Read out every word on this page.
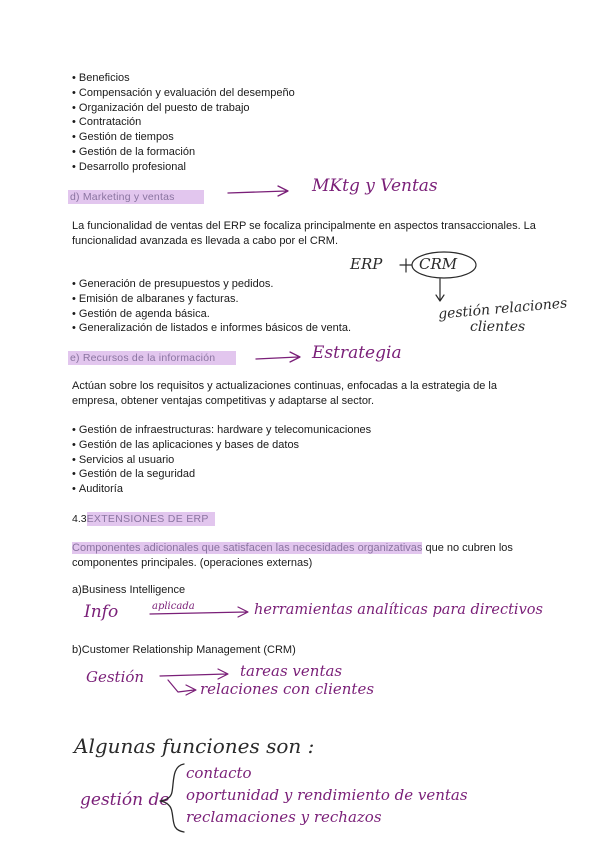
• Beneficios
• Compensación y evaluación del desempeño
• Organización del puesto de trabajo
• Contratación
• Gestión de tiempos
• Gestión de la formación
• Desarrollo profesional
d) Marketing y ventas
MKtg y Ventas
La funcionalidad de ventas del ERP se focaliza principalmente en aspectos transaccionales. La funcionalidad avanzada es llevada a cabo por el CRM.
ERP CRM
gestión relaciones
clientes
• Generación de presupuestos y pedidos.
• Emisión de albaranes y facturas.
• Gestión de agenda básica.
• Generalización de listados e informes básicos de venta.
e) Recursos de la información	Estrategia
Actúan sobre los requisitos y actualizaciones continuas, enfocadas a la estrategia de la empresa, obtener ventajas competitivas y adaptarse al sector.
• Gestión de infraestructuras: hardware y telecomunicaciones
• Gestión de las aplicaciones y bases de datos
• Servicios al usuario
• Gestión de la seguridad
• Auditoría
4.3EXTENSIONES DE ERP
Componentes adicionales que satisfacen las necesidades organizativas que no cubren los componentes principales. (operaciones externas)
a)Business Intelligence
Info	aplicada	herramientas analíticas para directivos
b)Customer Relationship Management (CRM)
Gestión	tareas ventas
relaciones con clientes
Algunas funciones son :
gestión de
contacto
oportunidad y rendimiento de ventas
reclamaciones y rechazos
